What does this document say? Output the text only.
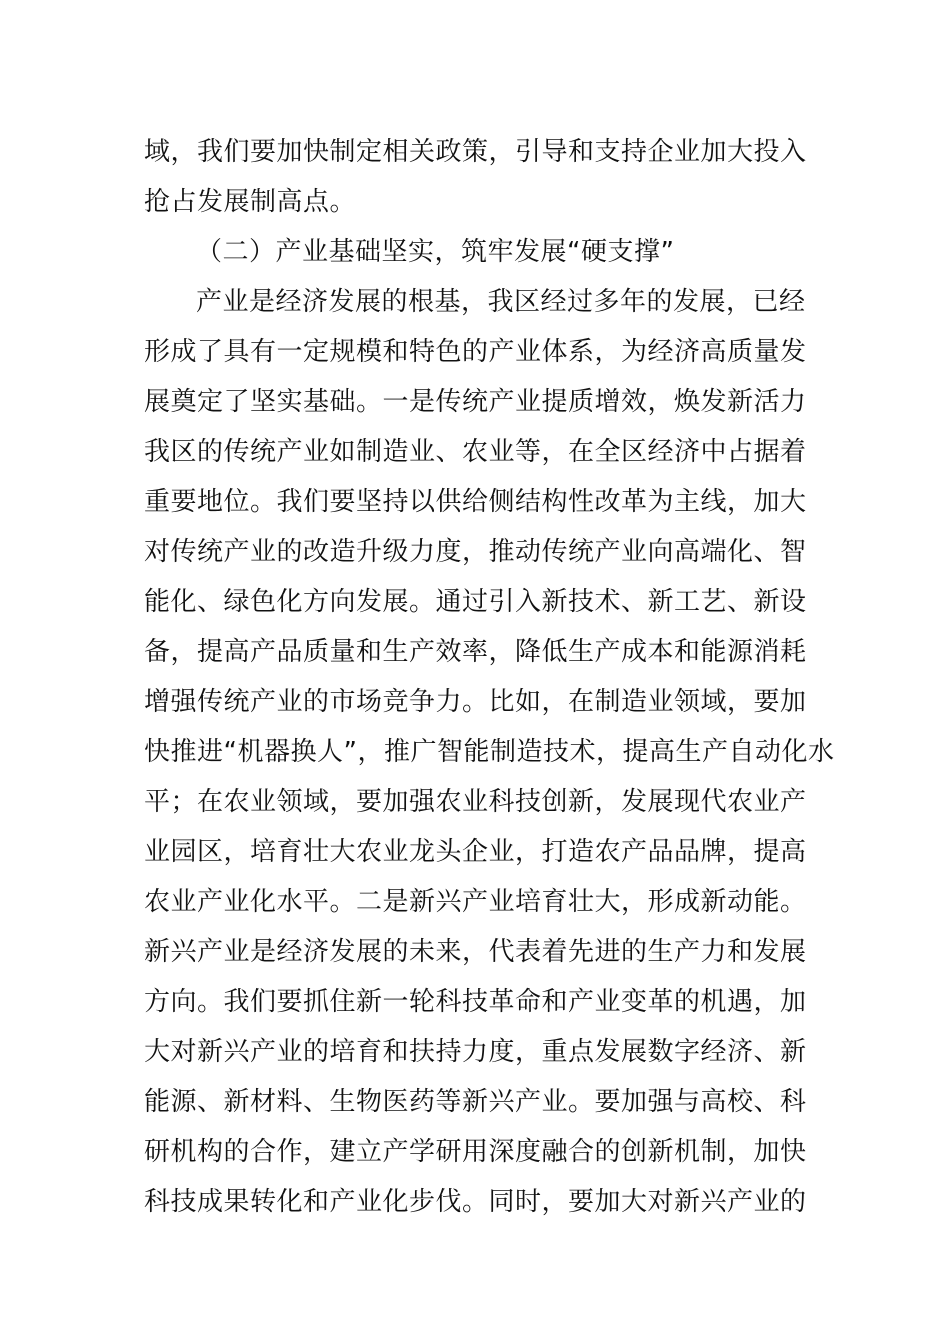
域，我们要加快制定相关政策，引导和支持企业加大投入
抢占发展制高点。
（二）产业基础坚实，筑牢发展“硬支撑”
产业是经济发展的根基，我区经过多年的发展，已经
形成了具有一定规模和特色的产业体系，为经济高质量发
展奠定了坚实基础。一是传统产业提质增效，焕发新活力
我区的传统产业如制造业、农业等，在全区经济中占据着
重要地位。我们要坚持以供给侧结构性改革为主线，加大
对传统产业的改造升级力度，推动传统产业向高端化、智
能化、绿色化方向发展。通过引入新技术、新工艺、新设
备，提高产品质量和生产效率，降低生产成本和能源消耗
增强传统产业的市场竞争力。比如，在制造业领域，要加
快推进“机器换人”，推广智能制造技术，提高生产自动化水
平；在农业领域，要加强农业科技创新，发展现代农业产
业园区，培育壮大农业龙头企业，打造农产品品牌，提高
农业产业化水平。二是新兴产业培育壮大，形成新动能。
新兴产业是经济发展的未来，代表着先进的生产力和发展
方向。我们要抓住新一轮科技革命和产业变革的机遇，加
大对新兴产业的培育和扶持力度，重点发展数字经济、新
能源、新材料、生物医药等新兴产业。要加强与高校、科
研机构的合作，建立产学研用深度融合的创新机制，加快
科技成果转化和产业化步伐。同时，要加大对新兴产业的
